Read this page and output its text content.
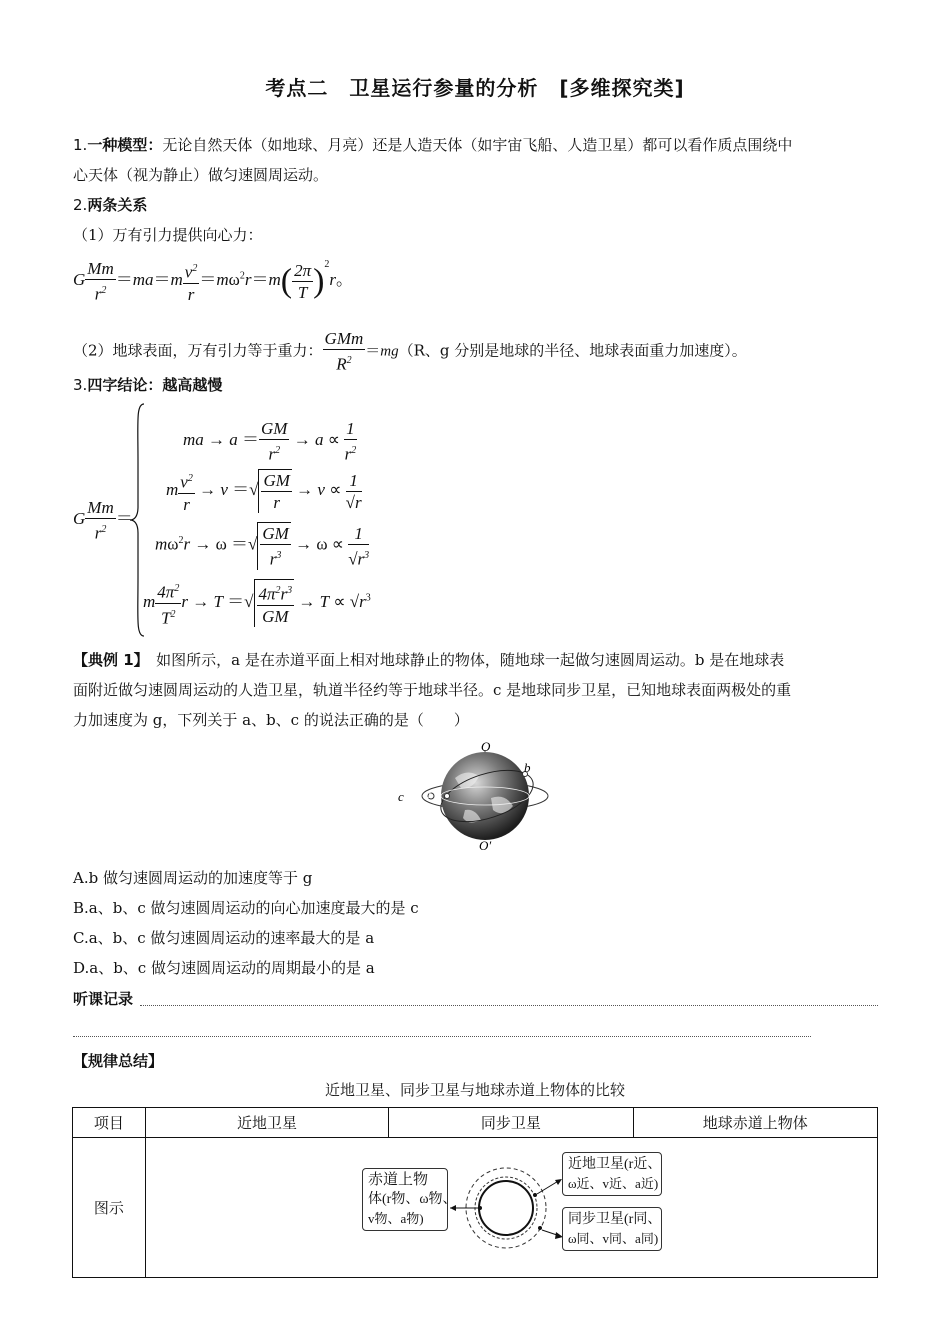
考点二　卫星运行参量的分析　[多维探究类]
1.一种模型：无论自然天体（如地球、月亮）还是人造天体（如宇宙飞船、人造卫星）都可以看作质点围绕中
心天体（视为静止）做匀速圆周运动。
2.两条关系
（1）万有引力提供向心力：
G $\frac{Mm}{r^2} =ma=m \frac{v^2}{r} =m\omega^2r=m( \frac{2\pi}{T} )^2r$。
（2）地球表面，万有引力等于重力： $\frac{\text{GMm}}{R^2} =mg(R$、g 分别是地球的半径、地球表面重力加速度）。
3.四字结论：越高越慢
G $\frac{Mm}{r^2}$ ＝
ma → $a = \frac{GM}{r^2} \to a \propto \frac{1}{r^2}$
m $\frac{v^2}{r} \to v$ ＝√ $\frac{GM}{r} \to v \propto \frac{1}{√r}$
$m\omega^2r \to \omega$ ＝√ $\frac{GM}{r^3} \to \omega \propto \frac{1}{√r^3}$
m $\frac{4\pi^2}{T^2}$ r → T ＝√ $\frac{4\pi^2r^3}{GM} \to T \propto √r^3$
【典例 1】　如图所示，a 是在赤道平面上相对地球静止的物体，随地球一起做匀速圆周运动。b 是在地球表
面附近做匀速圆周运动的人造卫星，轨道半径约等于地球半径。c 是地球同步卫星，已知地球表面两极处的重
力加速度为 g，下列关于 a、b、c 的说法正确的是（　　）
O
O′
c a
b
A.b 做匀速圆周运动的加速度等于 g
B.a、b、c 做匀速圆周运动的向心加速度最大的是 c
C.a、b、c 做匀速圆周运动的速率最大的是 a
D.a、b、c 做匀速圆周运动的周期最小的是 a
听课记录
【规律总结】
近地卫星、同步卫星与地球赤道上物体的比较
项目	近地卫星	同步卫星	地球赤道上物体
图示			
赤道上物
体(r物、ω物、
v物、a物)
近地卫星(r近、
ω近、v近、a近)
同步卫星(r同、
ω同、v同、a同)
